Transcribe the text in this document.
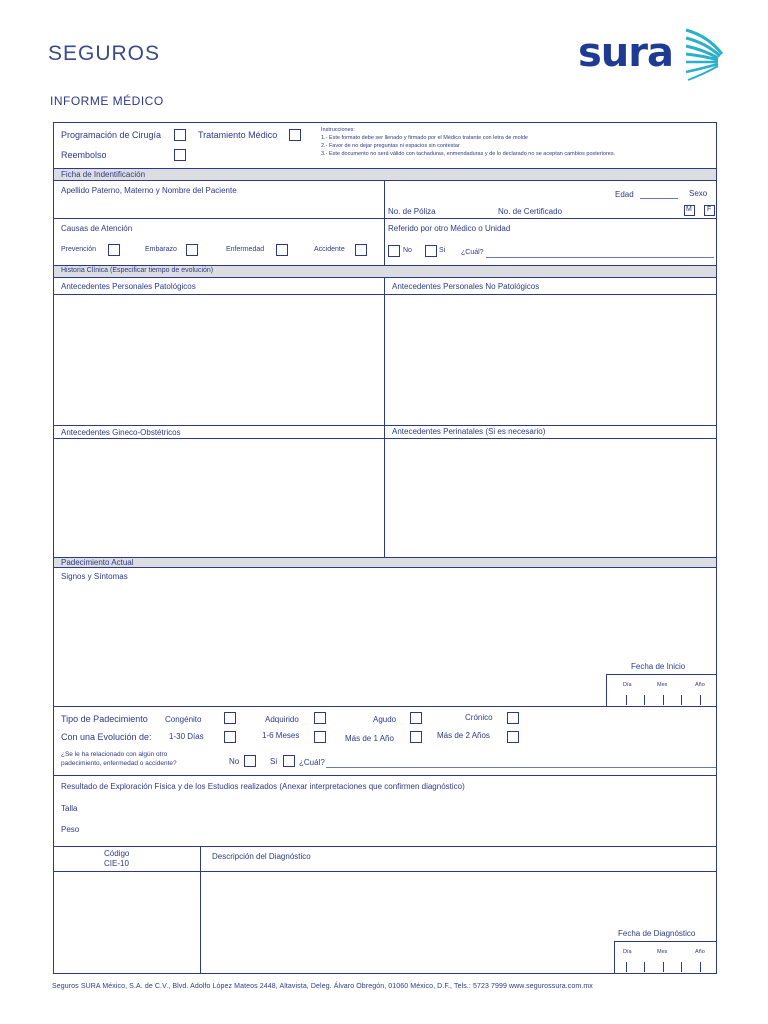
SEGUROS	sura
INFORME MÉDICO
Programación de Cirugía	Tratamiento Médico
Reembolso
Instrucciones:
1.- Este formato debe ser llenado y firmado por el Médico tratante con letra de molde
2.- Favor de no dejar preguntas ni espacios sin contestar
3.- Este documento no será válido con tachaduras, enmendaduras y de lo declarado no se aceptan cambios posteriores.
Ficha de Indentificación
Apellido Paterno, Materno y Nombre del Paciente	Edad	Sexo
No. de Póliza	No. de Certificado	M F
Causas de Atención
Prevención	Embarazo	Enfermedad	Accidente
Referido por otro Médico o Unidad
No	Si ¿Cuál?
Historia Clínica (Especificar tiempo de evolución)
Antecedentes Personales Patológicos	Antecedentes Personales No Patológicos
Antecedentes Gineco-Obstétricos	Antecedentes Perinatales (Si es necesario)
Padecimiento Actual
Signos y Síntomas
Fecha de Inicio
Día	Mes	Año
Tipo de Padecimiento Congénito	Adquirido	Agudo	Crónico
Con una Evolución de: 1-30 Días	1-6 Meses	Más de 1 Año	Más de 2 Años
¿Se le ha relacionado con algún otro
padecimiento, enfermedad o accidente?	No	Si	¿Cuál?
Resultado de Exploración Física y de los Estudios realizados (Anexar interpretaciones que confirmen diagnóstico)
Talla
Peso
Código
CIE-10
Descripción del Diagnóstico
Fecha de Diagnóstico
Día	Mes	Año
Seguros SURA México, S.A. de C.V., Blvd. Adolfo López Mateos 2448, Altavista, Deleg. Álvaro Obregón, 01060 México, D.F., Tels.: 5723 7999 www.segurossura.com.mx
